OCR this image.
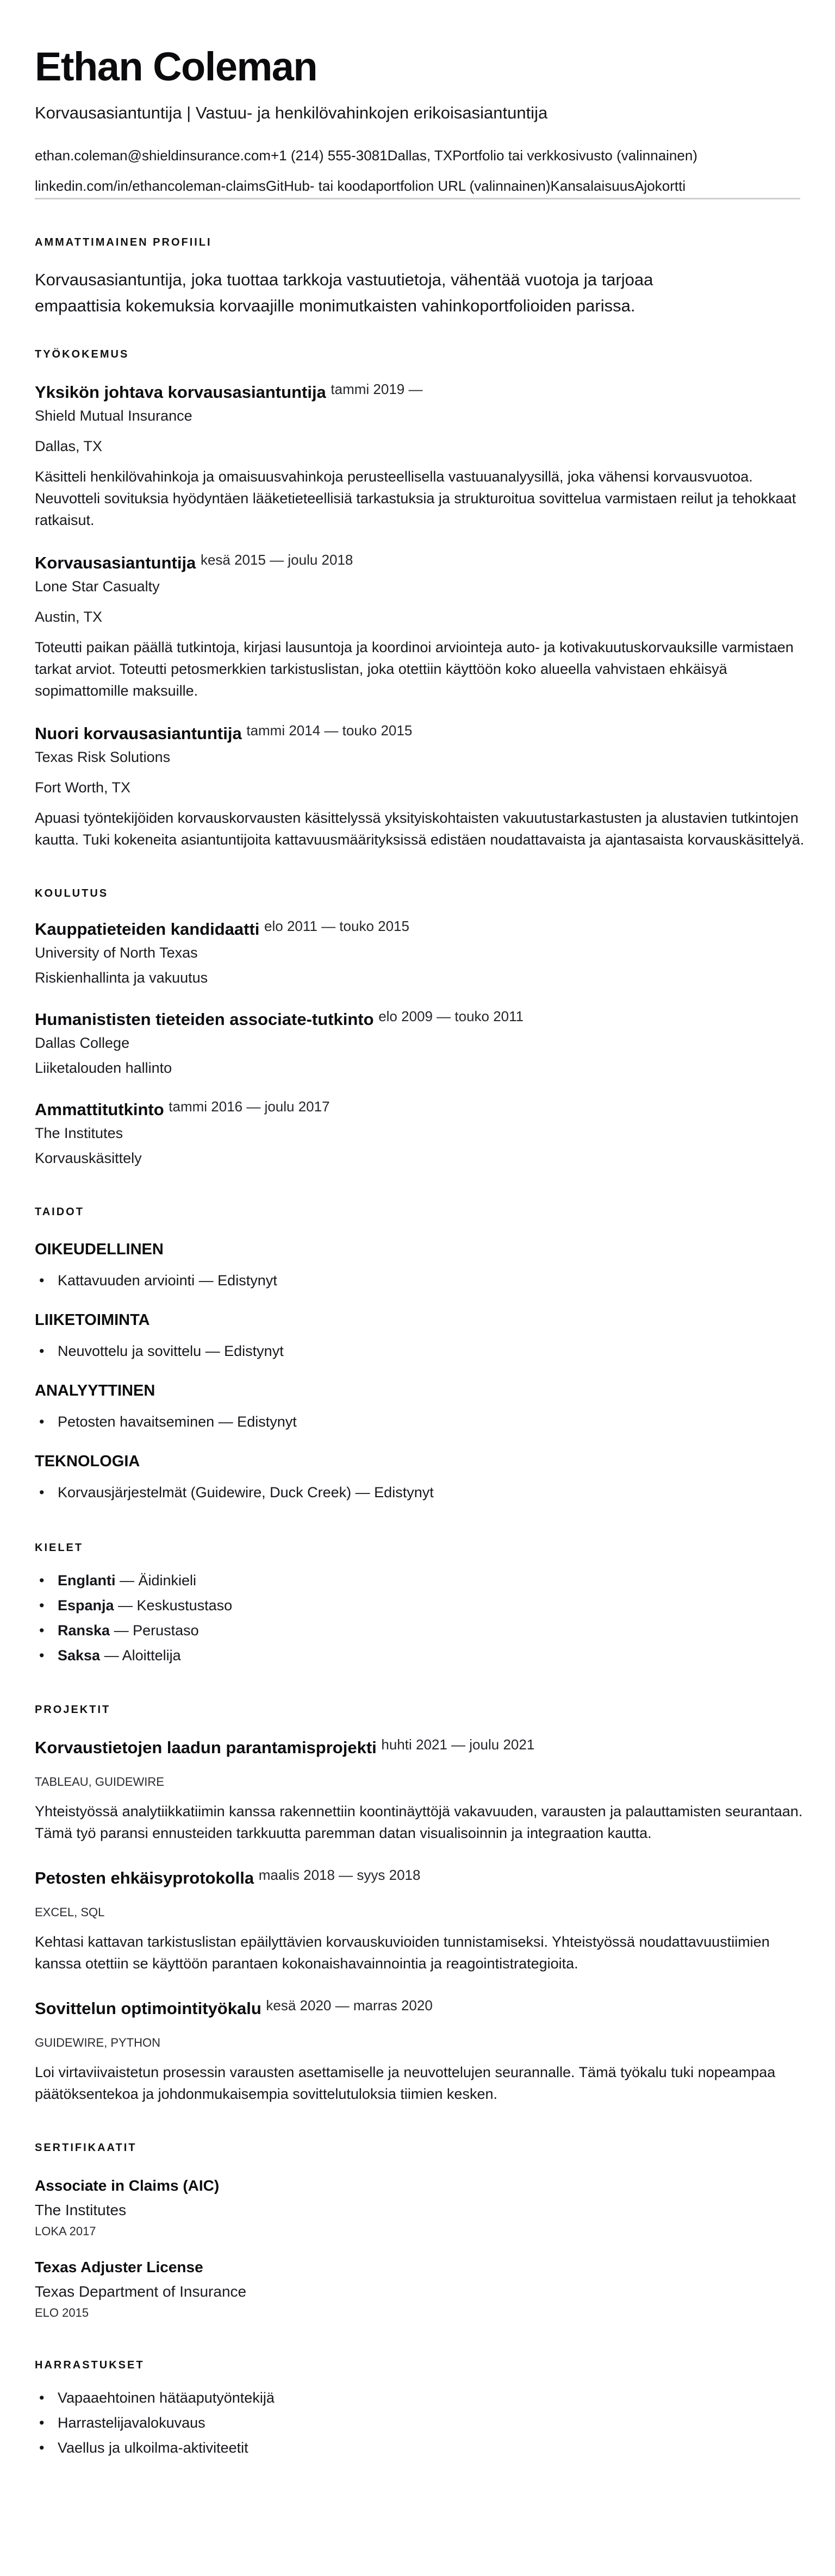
Ethan Coleman
Korvausasiantuntija | Vastuu- ja henkilövahinkojen erikoisasiantuntija
ethan.coleman@shieldinsurance.com+1 (214) 555-3081Dallas, TXPortfolio tai verkkosivusto (valinnainen)
linkedin.com/in/ethancoleman-claimsGitHub- tai koodaportfolion URL (valinnainen)KansalaisuusAjokortti
AMMATTIMAINEN PROFIILI

Korvausasiantuntija, joka tuottaa tarkkoja vastuutietoja, vähentää vuotoja ja tarjoaa empaattisia kokemuksia korvaajille monimutkaisten vahinkoportfolioiden parissa.

TYÖKOKEMUS
Yksikön johtava korvausasiantuntija $^{tammi 2019 —}$
Shield Mutual Insurance
Dallas, TX

Käsitteli henkilövahinkoja ja omaisuusvahinkoja perusteellisella vastuuanalyysillä, joka vähensi korvausvuotoa. Neuvotteli sovituksia hyödyntäen lääketieteellisiä tarkastuksia ja strukturoitua sovittelua varmistaen reilut ja tehokkaat ratkaisut.

Korvausasiantuntija $^{kesä 2015 — joulu 2018}$
Lone Star Casualty
Austin, TX

Toteutti paikan päällä tutkintoja, kirjasi lausuntoja ja koordinoi arviointeja auto- ja kotivakuutuskorvauksille varmistaen tarkat arviot. Toteutti petosmerkkien tarkistuslistan, joka otettiin käyttöön koko alueella vahvistaen ehkäisyä sopimattomille maksuille.

Nuori korvausasiantuntija $^{tammi 2014 — touko 2015}$
Texas Risk Solutions
Fort Worth, TX

Apuasi työntekijöiden korvauskorvausten käsittelyssä yksityiskohtaisten vakuutustarkastusten ja alustavien tutkintojen kautta. Tuki kokeneita asiantuntijoita kattavuusmäärityksissä edistäen noudattavaista ja ajantasaista korvauskäsittelyä.

KOULUTUS
Kauppatieteiden kandidaatti $^{elo 2011 — touko 2015}$
University of North Texas
Riskienhallinta ja vakuutus
Humanististen tieteiden associate-tutkinto $^{elo 2009 — touko 2011}$
Dallas College
Liiketalouden hallinto
Ammattitutkinto $^{tammi 2016 — joulu 2017}$
The Institutes
Korvauskäsittely
TAIDOT
OIKEUDELLINEN
• Kattavuuden arviointi — Edistynyt
LIIKETOIMINTA
• Neuvottelu ja sovittelu — Edistynyt
ANALYYTTINEN
• Petosten havaitseminen — Edistynyt
TEKNOLOGIA
• Korvausjärjestelmät (Guidewire, Duck Creek) — Edistynyt
KIELET
• Englanti — Äidinkieli
• Espanja — Keskustustaso
• Ranska — Perustaso
• Saksa — Aloittelija
PROJEKTIT
Korvaustietojen laadun parantamisprojekti $^{huhti 2021 — joulu 2021}$
TABLEAU, GUIDEWIRE

Yhteistyössä analytiikkatiimin kanssa rakennettiin koontinäyttöjä vakavuuden, varausten ja palauttamisten seurantaan. Tämä työ paransi ennusteiden tarkkuutta paremman datan visualisoinnin ja integraation kautta.

Petosten ehkäisyprotokolla $^{maalis 2018 — syys 2018}$
EXCEL, SQL

Kehtasi kattavan tarkistuslistan epäilyttävien korvauskuvioiden tunnistamiseksi. Yhteistyössä noudattavuustiimien kanssa otettiin se käyttöön parantaen kokonaishavainnointia ja reagointistrategioita.

Sovittelun optimointityökalu $^{kesä 2020 — marras 2020}$
GUIDEWIRE, PYTHON

Loi virtaviivaistetun prosessin varausten asettamiselle ja neuvottelujen seurannalle. Tämä työkalu tuki nopeampaa päätöksentekoa ja johdonmukaisempia sovittelutuloksia tiimien kesken.

SERTIFIKAATIT
Associate in Claims (AIC)
The Institutes
LOKA 2017
Texas Adjuster License
Texas Department of Insurance
ELO 2015
HARRASTUKSET
• Vapaaehtoinen hätäaputyöntekijä
• Harrastelijavalokuvaus
• Vaellus ja ulkoilma-aktiviteetit
